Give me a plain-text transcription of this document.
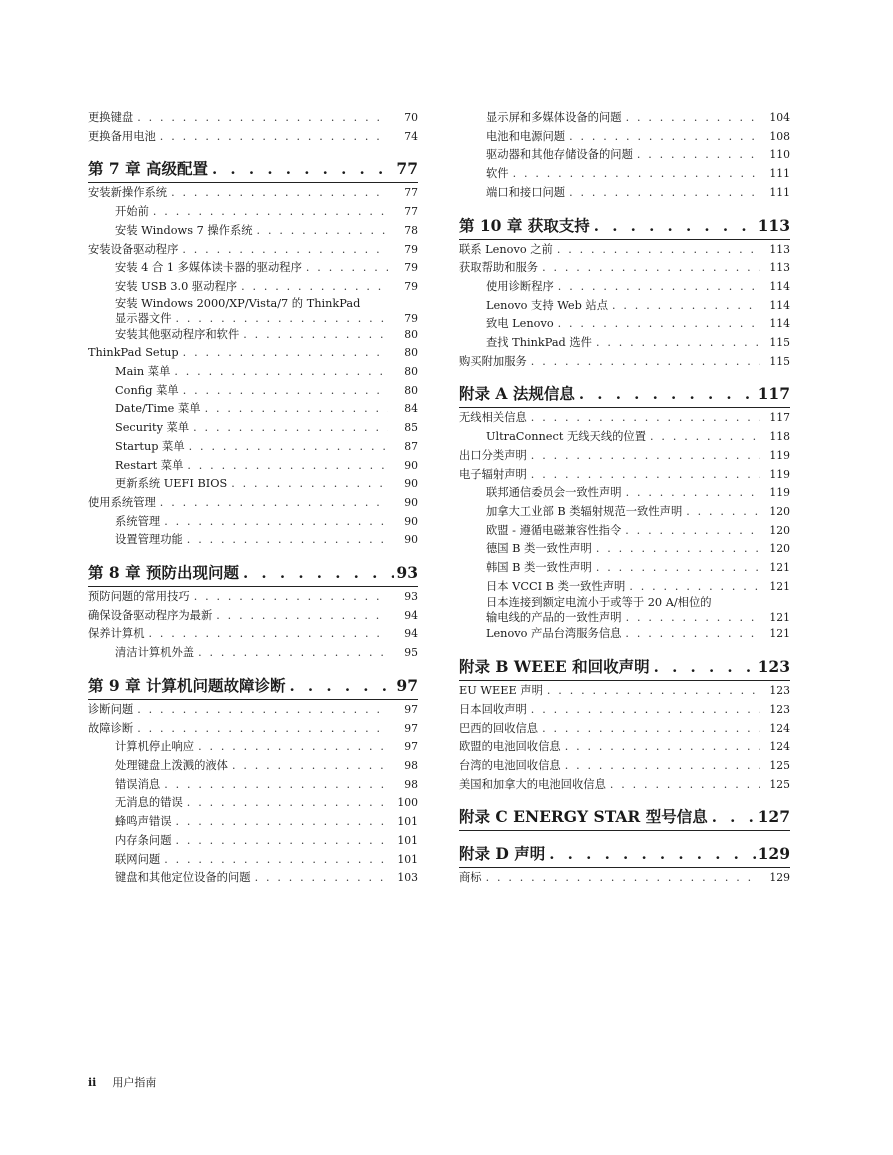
更换键盘 . . .	70
更换备用电池 . . .	74
第 7 章 高级配置 . . .	77
安装新操作系统 . . .	77
开始前 . . .	77
安装 Windows 7 操作系统 . . .	78
安装设备驱动程序 . . .	79
安装 4 合 1 多媒体读卡器的驱动程序 . . .	79
安装 USB 3.0 驱动程序 . . .	79
安装 Windows 2000/XP/Vista/7 的 ThinkPad
显示器文件 . . .	79
安装其他驱动程序和软件 . . .	80
ThinkPad Setup . . .	80
Main 菜单 . . .	80
Config 菜单 . . .	80
Date/Time 菜单 . . .	84
Security 菜单 . . .	85
Startup 菜单 . . .	87
Restart 菜单 . . .	90
更新系统 UEFI BIOS . . .	90
使用系统管理 . . .	90
系统管理 . . .	90
设置管理功能 . . .	90
第 8 章 预防出现问题 . . .	93
预防问题的常用技巧 . . .	93
确保设备驱动程序为最新 . . .	94
保养计算机 . . .	94
清洁计算机外盖 . . .	95
第 9 章 计算机问题故障诊断 . . .	97
诊断问题 . . .	97
故障诊断 . . .	97
计算机停止响应 . . .	97
处理键盘上泼溅的液体 . . .	98
错误消息 . . .	98
无消息的错误 . . .	100
蜂鸣声错误 . . .	101
内存条问题 . . .	101
联网问题 . . .	101
键盘和其他定位设备的问题 . . .	103
显示屏和多媒体设备的问题 . . .	104
电池和电源问题 . . .	108
驱动器和其他存储设备的问题 . . .	110
软件 . . .	111
端口和接口问题 . . .	111
第 10 章 获取支持 . . .	113
联系 Lenovo 之前 . . .	113
获取帮助和服务 . . .	113
使用诊断程序 . . .	114
Lenovo 支持 Web 站点 . . .	114
致电 Lenovo . . .	114
查找 ThinkPad 选件 . . .	115
购买附加服务 . . .	115
附录 A 法规信息 . . .	117
无线相关信息 . . .	117
UltraConnect 无线天线的位置 . . .	118
出口分类声明 . . .	119
电子辐射声明 . . .	119
联邦通信委员会一致性声明 . . .	119
加拿大工业部 B 类辐射规范一致性声明 . . .	120
欧盟 - 遵循电磁兼容性指令 . . .	120
德国 B 类一致性声明 . . .	120
韩国 B 类一致性声明 . . .	121
日本 VCCI B 类一致性声明 . . .	121
日本连接到额定电流小于或等于 20 A/相位的
输电线的产品的一致性声明 . . .	121
Lenovo 产品台湾服务信息 . . .	121
附录 B WEEE 和回收声明 . . .	123
EU WEEE 声明 . . .	123
日本回收声明 . . .	123
巴西的回收信息 . . .	124
欧盟的电池回收信息 . . .	124
台湾的电池回收信息 . . .	125
美国和加拿大的电池回收信息 . . .	125
附录 C ENERGY STAR 型号信息 . . .	127
附录 D 声明 . . .	129
商标 . . .	129
ii 用户指南
